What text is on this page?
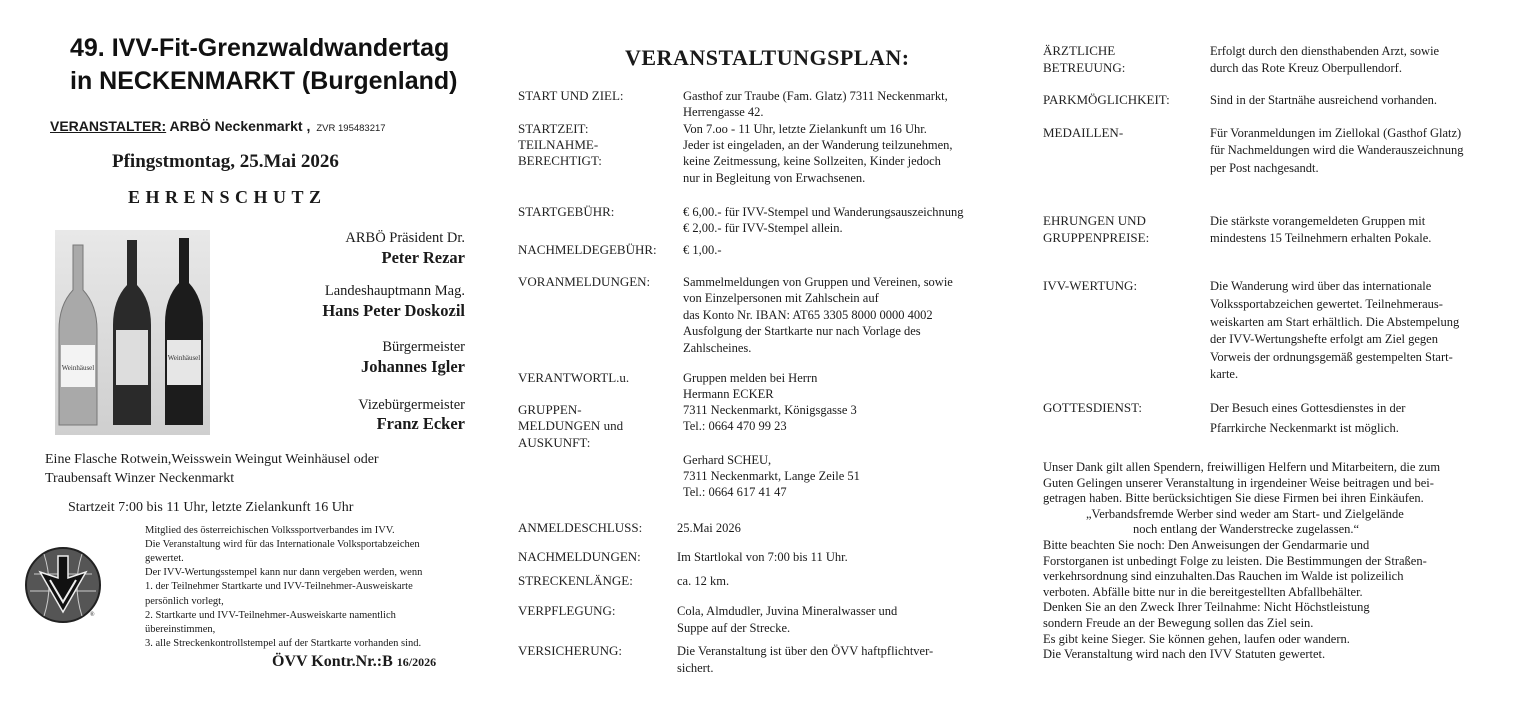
VERANSTALTER: ARBÖ Neckenmarkt , ZVR 195483217
Weinhäusel
Weinhäusel
®
ÖVV Kontr.Nr.:B 16/2026
49. IVV-Fit-Grenzwaldwandertag
in NECKENMARKT (Burgenland)
Pfingstmontag, 25.Mai 2026
EHRENSCHUTZ
ARBÖ Präsident Dr.
Peter Rezar
Landeshauptmann Mag.
Hans Peter Doskozil
Bürgermeister
Johannes Igler
Vizebürgermeister
Franz Ecker
Eine Flasche Rotwein,Weisswein Weingut Weinhäusel oder
Traubensaft Winzer Neckenmarkt
Startzeit 7:00 bis 11 Uhr, letzte Zielankunft 16 Uhr
VERANSTALTUNGSPLAN:
Mitglied des österreichischen Volkssportverbandes im IVV.
Die Veranstaltung wird für das Internationale Volksportabzeichen
gewertet.
Der IVV-Wertungsstempel kann nur dann vergeben werden, wenn
1. der Teilnehmer Startkarte und IVV-Teilnehmer-Ausweiskarte
persönlich vorlegt,
2. Startkarte und IVV-Teilnehmer-Ausweiskarte namentlich
übereinstimmen,
3. alle Streckenkontrollstempel auf der Startkarte vorhanden sind.
START UND ZIEL:
STARTZEIT:
TEILNAHME-
BERECHTIGT:
STARTGEBÜHR:
NACHMELDEGEBÜHR:
VORANMELDUNGEN:
VERANTWORTL.u.
GRUPPEN-
MELDUNGEN und
AUSKUNFT:
ANMELDESCHLUSS:
NACHMELDUNGEN:
STRECKENLÄNGE:
VERPFLEGUNG:
VERSICHERUNG:
Gasthof zur Traube (Fam. Glatz) 7311 Neckenmarkt,
Herrengasse 42.
Von 7.oo - 11 Uhr, letzte Zielankunft um 16 Uhr.
Jeder ist eingeladen, an der Wanderung teilzunehmen,
keine Zeitmessung, keine Sollzeiten, Kinder jedoch
nur in Begleitung von Erwachsenen.
€ 6,00.- für IVV-Stempel und Wanderungsauszeichnung
€ 2,00.- für IVV-Stempel allein.
€ 1,00.-
Sammelmeldungen von Gruppen und Vereinen, sowie
von Einzelpersonen mit Zahlschein auf
das Konto Nr. IBAN: AT65 3305 8000 0000 4002
Ausfolgung der Startkarte nur nach Vorlage des
Zahlscheines.
Gruppen melden bei Herrn
Hermann ECKER
7311 Neckenmarkt, Königsgasse 3
Tel.: 0664 470 99 23
Gerhard SCHEU,
7311 Neckenmarkt, Lange Zeile 51
Tel.: 0664 617 41 47
25.Mai 2026
Im Startlokal von 7:00 bis 11 Uhr.
ca. 12 km.
Cola, Almdudler, Juvina Mineralwasser und
Suppe auf der Strecke.
Die Veranstaltung ist über den ÖVV haftpflichtver-
sichert.
ÄRZTLICHE
BETREUUNG:
PARKMÖGLICHKEIT:
MEDAILLEN-
EHRUNGEN UND
GRUPPENPREISE:
IVV-WERTUNG:
GOTTESDIENST:
Erfolgt durch den diensthabenden Arzt, sowie
durch das Rote Kreuz Oberpullendorf.
Sind in der Startnähe ausreichend vorhanden.
Für Voranmeldungen im Ziellokal (Gasthof Glatz)
für Nachmeldungen wird die Wanderauszeichnung
per Post nachgesandt.
Die stärkste vorangemeldeten Gruppen mit
mindestens 15 Teilnehmern erhalten Pokale.
Die Wanderung wird über das internationale
Volkssportabzeichen gewertet. Teilnehmeraus-
weiskarten am Start erhältlich. Die Abstempelung
der IVV-Wertungshefte erfolgt am Ziel gegen
Vorweis der ordnungsgemäß gestempelten Start-
karte.
Der Besuch eines Gottesdienstes in der
Pfarrkirche Neckenmarkt ist möglich.
Unser Dank gilt allen Spendern, freiwilligen Helfern und Mitarbeitern, die zum
Guten Gelingen unserer Veranstaltung in irgendeiner Weise beitragen und bei-
getragen haben. Bitte berücksichtigen Sie diese Firmen bei ihren Einkäufen.
„Verbandsfremde Werber sind weder am Start- und Zielgelände
noch entlang der Wanderstrecke zugelassen.“
Bitte beachten Sie noch: Den Anweisungen der Gendarmarie und
Forstorganen ist unbedingt Folge zu leisten. Die Bestimmungen der Straßen-
verkehrsordnung sind einzuhalten.Das Rauchen im Walde ist polizeilich
verboten. Abfälle bitte nur in die bereitgestellten Abfallbehälter.
Denken Sie an den Zweck Ihrer Teilnahme: Nicht Höchstleistung
sondern Freude an der Bewegung sollen das Ziel sein.
Es gibt keine Sieger. Sie können gehen, laufen oder wandern.
Die Veranstaltung wird nach den IVV Statuten gewertet.
